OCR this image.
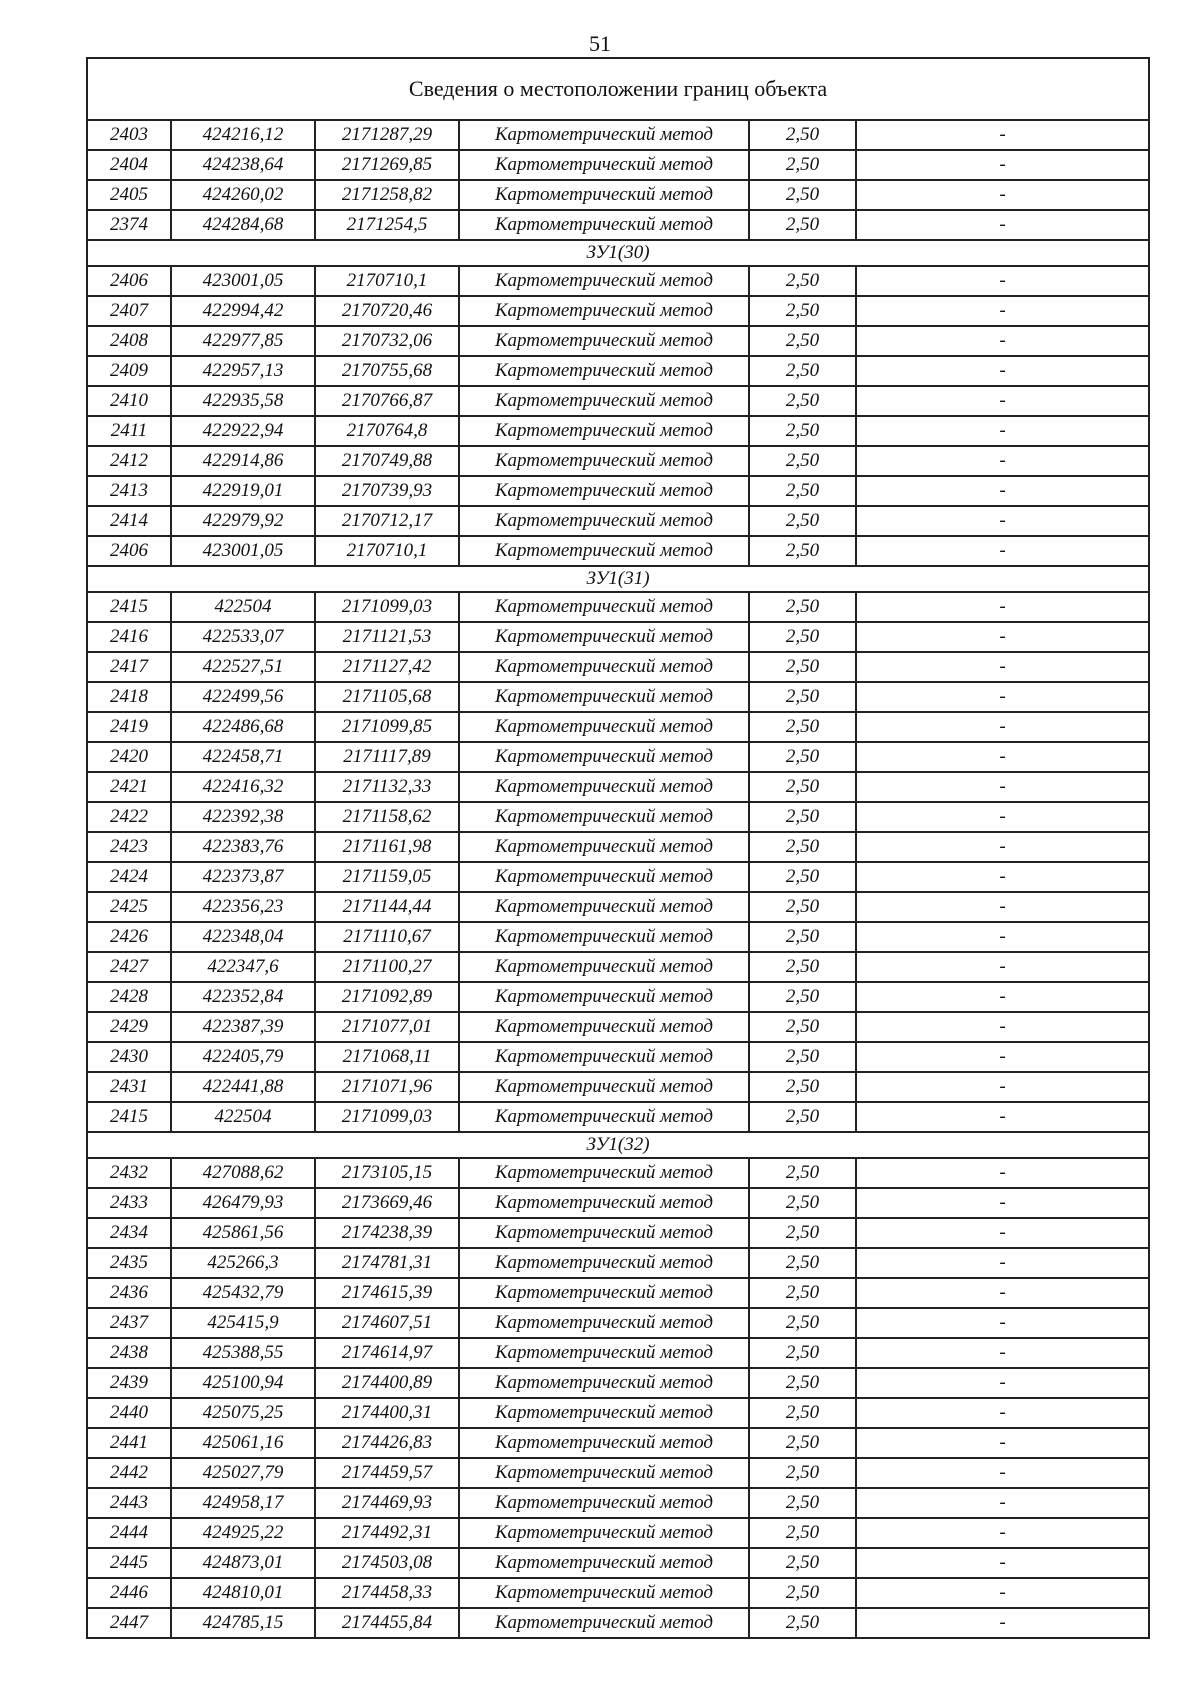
51
Сведения о местоположении границ объекта
2403	424216,12	2171287,29	Картометрический метод	2,50	-
2404	424238,64	2171269,85	Картометрический метод	2,50	-
2405	424260,02	2171258,82	Картометрический метод	2,50	-
2374	424284,68	2171254,5	Картометрический метод	2,50	-
ЗУ1(30)
2406	423001,05	2170710,1	Картометрический метод	2,50	-
2407	422994,42	2170720,46	Картометрический метод	2,50	-
2408	422977,85	2170732,06	Картометрический метод	2,50	-
2409	422957,13	2170755,68	Картометрический метод	2,50	-
2410	422935,58	2170766,87	Картометрический метод	2,50	-
2411	422922,94	2170764,8	Картометрический метод	2,50	-
2412	422914,86	2170749,88	Картометрический метод	2,50	-
2413	422919,01	2170739,93	Картометрический метод	2,50	-
2414	422979,92	2170712,17	Картометрический метод	2,50	-
2406	423001,05	2170710,1	Картометрический метод	2,50	-
ЗУ1(31)
2415	422504	2171099,03	Картометрический метод	2,50	-
2416	422533,07	2171121,53	Картометрический метод	2,50	-
2417	422527,51	2171127,42	Картометрический метод	2,50	-
2418	422499,56	2171105,68	Картометрический метод	2,50	-
2419	422486,68	2171099,85	Картометрический метод	2,50	-
2420	422458,71	2171117,89	Картометрический метод	2,50	-
2421	422416,32	2171132,33	Картометрический метод	2,50	-
2422	422392,38	2171158,62	Картометрический метод	2,50	-
2423	422383,76	2171161,98	Картометрический метод	2,50	-
2424	422373,87	2171159,05	Картометрический метод	2,50	-
2425	422356,23	2171144,44	Картометрический метод	2,50	-
2426	422348,04	2171110,67	Картометрический метод	2,50	-
2427	422347,6	2171100,27	Картометрический метод	2,50	-
2428	422352,84	2171092,89	Картометрический метод	2,50	-
2429	422387,39	2171077,01	Картометрический метод	2,50	-
2430	422405,79	2171068,11	Картометрический метод	2,50	-
2431	422441,88	2171071,96	Картометрический метод	2,50	-
2415	422504	2171099,03	Картометрический метод	2,50	-
ЗУ1(32)
2432	427088,62	2173105,15	Картометрический метод	2,50	-
2433	426479,93	2173669,46	Картометрический метод	2,50	-
2434	425861,56	2174238,39	Картометрический метод	2,50	-
2435	425266,3	2174781,31	Картометрический метод	2,50	-
2436	425432,79	2174615,39	Картометрический метод	2,50	-
2437	425415,9	2174607,51	Картометрический метод	2,50	-
2438	425388,55	2174614,97	Картометрический метод	2,50	-
2439	425100,94	2174400,89	Картометрический метод	2,50	-
2440	425075,25	2174400,31	Картометрический метод	2,50	-
2441	425061,16	2174426,83	Картометрический метод	2,50	-
2442	425027,79	2174459,57	Картометрический метод	2,50	-
2443	424958,17	2174469,93	Картометрический метод	2,50	-
2444	424925,22	2174492,31	Картометрический метод	2,50	-
2445	424873,01	2174503,08	Картометрический метод	2,50	-
2446	424810,01	2174458,33	Картометрический метод	2,50	-
2447	424785,15	2174455,84	Картометрический метод	2,50	-
